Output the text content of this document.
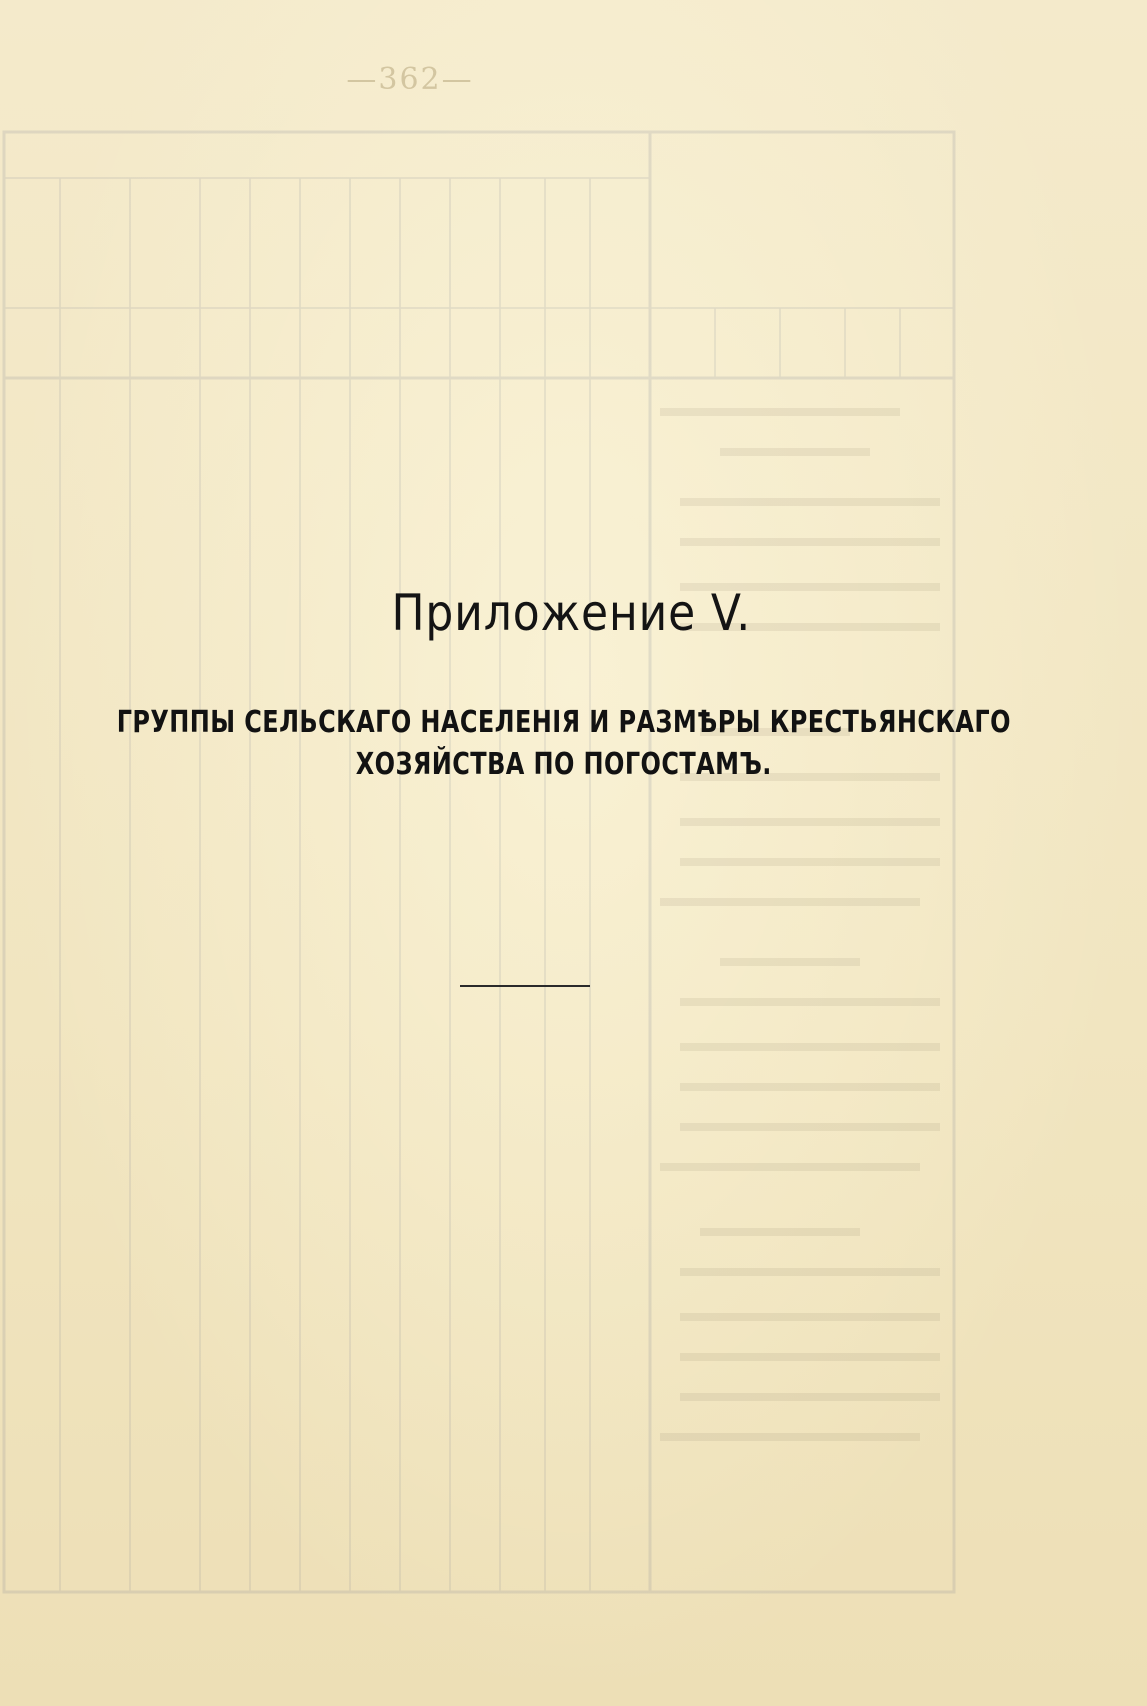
—362—
Приложение V.
ГРУППЫ СЕЛЬСКАГО НАСЕЛЕНІЯ И РАЗМѢРЫ КРЕСТЬЯНСКАГО
ХОЗЯЙСТВА ПО ПОГОСТАМЪ.
